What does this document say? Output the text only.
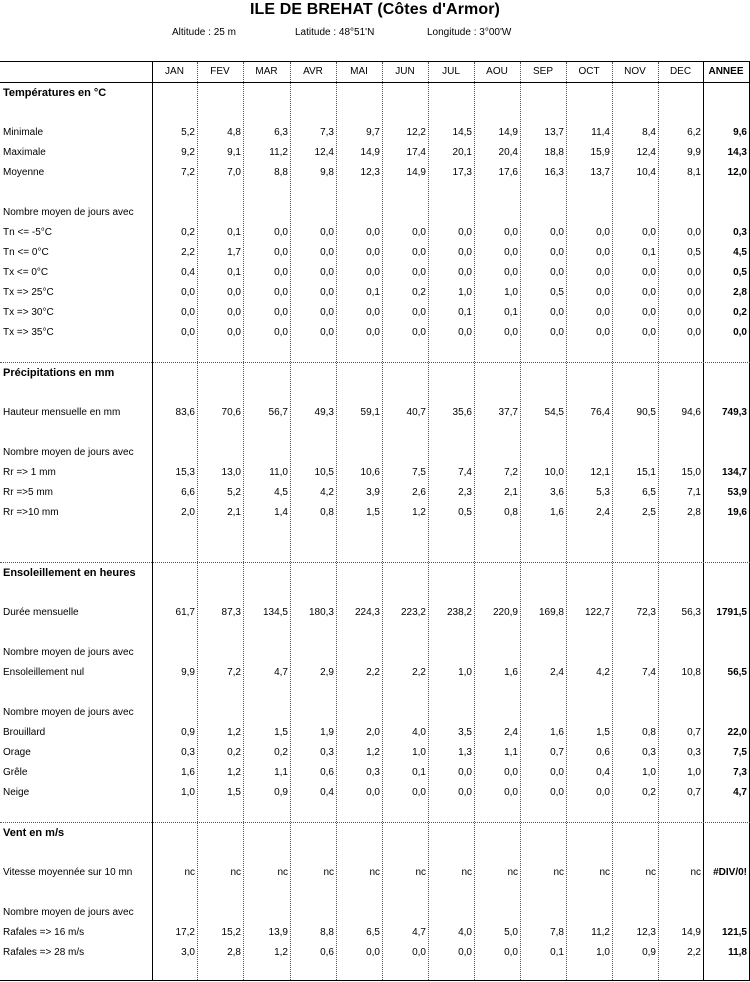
ILE DE BREHAT (Côtes d'Armor)
Altitude : 25 m	Latitude : 48°51'N	Longitude : 3°00'W
JAN	FEV	MAR	AVR	MAI	JUN	JUL	AOU	SEP	OCT	NOV	DEC	ANNEE
Températures en °C
Minimale	5,2	4,8	6,3	7,3	9,7	12,2	14,5	14,9	13,7	11,4	8,4	6,2	9,6
Maximale	9,2	9,1	11,2	12,4	14,9	17,4	20,1	20,4	18,8	15,9	12,4	9,9	14,3
Moyenne	7,2	7,0	8,8	9,8	12,3	14,9	17,3	17,6	16,3	13,7	10,4	8,1	12,0
Nombre moyen de jours avec
Tn <= -5°C	0,2	0,1	0,0	0,0	0,0	0,0	0,0	0,0	0,0	0,0	0,0	0,0	0,3
Tn <= 0°C	2,2	1,7	0,0	0,0	0,0	0,0	0,0	0,0	0,0	0,0	0,1	0,5	4,5
Tx <= 0°C	0,4	0,1	0,0	0,0	0,0	0,0	0,0	0,0	0,0	0,0	0,0	0,0	0,5
Tx => 25°C	0,0	0,0	0,0	0,0	0,1	0,2	1,0	1,0	0,5	0,0	0,0	0,0	2,8
Tx => 30°C	0,0	0,0	0,0	0,0	0,0	0,0	0,1	0,1	0,0	0,0	0,0	0,0	0,2
Tx => 35°C	0,0	0,0	0,0	0,0	0,0	0,0	0,0	0,0	0,0	0,0	0,0	0,0	0,0
Précipitations en mm
Hauteur mensuelle en mm	83,6	70,6	56,7	49,3	59,1	40,7	35,6	37,7	54,5	76,4	90,5	94,6	749,3
Nombre moyen de jours avec
Rr => 1 mm	15,3	13,0	11,0	10,5	10,6	7,5	7,4	7,2	10,0	12,1	15,1	15,0	134,7
Rr =>5 mm	6,6	5,2	4,5	4,2	3,9	2,6	2,3	2,1	3,6	5,3	6,5	7,1	53,9
Rr =>10 mm	2,0	2,1	1,4	0,8	1,5	1,2	0,5	0,8	1,6	2,4	2,5	2,8	19,6
Ensoleillement en heures
Durée mensuelle	61,7	87,3	134,5	180,3	224,3	223,2	238,2	220,9	169,8	122,7	72,3	56,3	1791,5
Nombre moyen de jours avec
Ensoleillement nul	9,9	7,2	4,7	2,9	2,2	2,2	1,0	1,6	2,4	4,2	7,4	10,8	56,5
Nombre moyen de jours avec
Brouillard	0,9	1,2	1,5	1,9	2,0	4,0	3,5	2,4	1,6	1,5	0,8	0,7	22,0
Orage	0,3	0,2	0,2	0,3	1,2	1,0	1,3	1,1	0,7	0,6	0,3	0,3	7,5
Grêle	1,6	1,2	1,1	0,6	0,3	0,1	0,0	0,0	0,0	0,4	1,0	1,0	7,3
Neige	1,0	1,5	0,9	0,4	0,0	0,0	0,0	0,0	0,0	0,0	0,2	0,7	4,7
Vent en m/s
Vitesse moyennée sur 10 mn	nc	nc	nc	nc	nc	nc	nc	nc	nc	nc	nc	nc	#DIV/0!
Nombre moyen de jours avec
Rafales => 16 m/s	17,2	15,2	13,9	8,8	6,5	4,7	4,0	5,0	7,8	11,2	12,3	14,9	121,5
Rafales => 28 m/s	3,0	2,8	1,2	0,6	0,0	0,0	0,0	0,0	0,1	1,0	0,9	2,2	11,8
